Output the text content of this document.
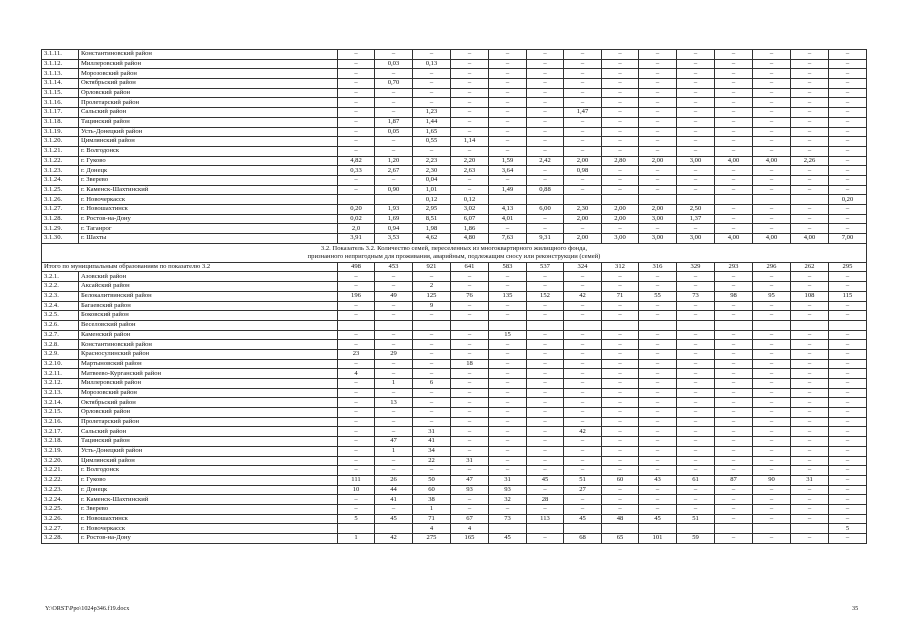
3.1.11.	Константиновский район	–	–	–	–	–	–	–	–	–	–	–	–	–	–
3.1.12.	Миллеровский район	–	0,03	0,13	–	–	–	–	–	–	–	–	–	–	–
3.1.13.	Морозовский район	–	–	–	–	–	–	–	–	–	–	–	–	–	–
3.1.14.	Октябрьский район	–	0,70	–	–	–	–	–	–	–	–	–	–	–	–
3.1.15.	Орловский район	–	–	–	–	–	–	–	–	–	–	–	–	–	–
3.1.16.	Пролетарский район	–	–	–	–	–	–	–	–	–	–	–	–	–	–
3.1.17.	Сальский район	–	–	1,23	–	–	–	1,47	–	–	–	–	–	–	–
3.1.18.	Тацинский район	–	1,87	1,44	–	–	–	–	–	–	–	–	–	–	–
3.1.19.	Усть-Донецкий район	–	0,05	1,65	–	–	–	–	–	–	–	–	–	–	–
3.1.20.	Цимлянский район	–	–	0,55	1,14	–	–	–	–	–	–	–	–	–	–
3.1.21.	г. Волгодонск	–	–	–	–	–	–	–	–	–	–	–	–	–	–
3.1.22.	г. Гуково	4,82	1,20	2,23	2,20	1,59	2,42	2,00	2,80	2,00	3,00	4,00	4,00	2,26	–
3.1.23.	г. Донецк	0,33	2,67	2,30	2,63	3,64	–	0,98	–	–	–	–	–	–	–
3.1.24.	г. Зверево	–	–	0,04	–	–	–	–	–	–	–	–	–	–	–
3.1.25.	г. Каменск-Шахтинский	–	0,90	1,01	–	1,49	0,88	–	–	–	–	–	–	–	–
3.1.26.	г. Новочеркасск			0,12	0,12										0,20
3.1.27.	г. Новошахтинск	0,20	1,93	2,95	3,02	4,13	6,00	2,30	2,00	2,00	2,50	–	–	–	–
3.1.28.	г. Ростов-на-Дону	0,02	1,69	8,51	6,07	4,01	–	2,00	2,00	3,00	1,37	–	–	–	–
3.1.29.	г. Таганрог	2,0	0,94	1,98	1,86	–	–	–	–	–	–	–	–	–	–
3.1.30.	г. Шахты	3,91	3,53	4,62	4,80	7,63	9,31	2,00	3,00	3,00	3,00	4,00	4,00	4,00	7,00

3.2. Показатель 3.2. Количество семей, переселенных из многоквартирного жилищного фонда,
признанного непригодным для проживания, аварийным, подлежащим сносу или реконструкции (семей)															

Итого по муниципальным образованиям по показателю 3.2		498	453	921	641	583	537	324	312	316	329	293	296	262	295
3.2.1.	Азовский район	–	–	–	–	–	–	–	–	–	–	–	–	–	–
3.2.2.	Аксайский район	–	–	2	–	–	–	–	–	–	–	–	–	–	–
3.2.3.	Белокалитвинский район	196	49	125	76	135	152	42	71	55	73	98	95	108	115
3.2.4.	Багаевский район	–	–	9	–	–	–	–	–	–	–	–	–	–	–
3.2.5.	Боковский район	–	–	–	–	–	–	–	–	–	–	–	–	–	–
3.2.6.	Веселовский район														
3.2.7.	Каменский район	–	–	–	–	15	–	–	–	–	–	–	–	–	–
3.2.8.	Константиновский район	–	–	–	–	–	–	–	–	–	–	–	–	–	–
3.2.9.	Красносулинский район	23	29	–	–	–	–	–	–	–	–	–	–	–	–
3.2.10.	Мартыновский район	–	–	–	18	–	–	–	–	–	–	–	–	–	–
3.2.11.	Матвеево-Курганский район	4	–	–	–	–	–	–	–	–	–	–	–	–	–
3.2.12.	Миллеровский район	–	1	6	–	–	–	–	–	–	–	–	–	–	–
3.2.13.	Морозовский район	–	–	–	–	–	–	–	–	–	–	–	–	–	–
3.2.14.	Октябрьский район	–	13	–	–	–	–	–	–	–	–	–	–	–	–
3.2.15.	Орловский район	–	–	–	–	–	–	–	–	–	–	–	–	–	–
3.2.16.	Пролетарский район	–	–	–	–	–	–	–	–	–	–	–	–	–	–
3.2.17.	Сальский район	–	–	31	–	–	–	42	–	–	–	–	–	–	–
3.2.18.	Тацинский район	–	47	41	–	–	–	–	–	–	–	–	–	–	–
3.2.19.	Усть-Донецкий район	–	1	34	–	–	–	–	–	–	–	–	–	–	–
3.2.20.	Цимлянский район	–	–	22	31	–	–	–	–	–	–	–	–	–	–
3.2.21.	г. Волгодонск	–	–	–	–	–	–	–	–	–	–	–	–	–	–
3.2.22.	г. Гуково	111	26	50	47	31	45	51	60	43	61	87	90	31	–
3.2.23.	г. Донецк	10	44	60	93	93	–	27	–	–	–	–	–	–	–
3.2.24.	г. Каменск-Шахтинский	–	41	38	–	32	28	–	–	–	–	–	–	–	–
3.2.25.	г. Зверево	–	–	1	–	–	–	–	–	–	–	–	–	–	–
3.2.26.	г. Новошахтинск	5	45	71	67	73	113	45	48	45	51	–	–	–	–
3.2.27.	г. Новочеркасск			4	4										5
3.2.28.	г. Ростов-на-Дону	1	42	275	165	45	–	68	65	101	59	–	–	–	–
Y:\ORST\Ppo\1024p346.f19.docx	35
